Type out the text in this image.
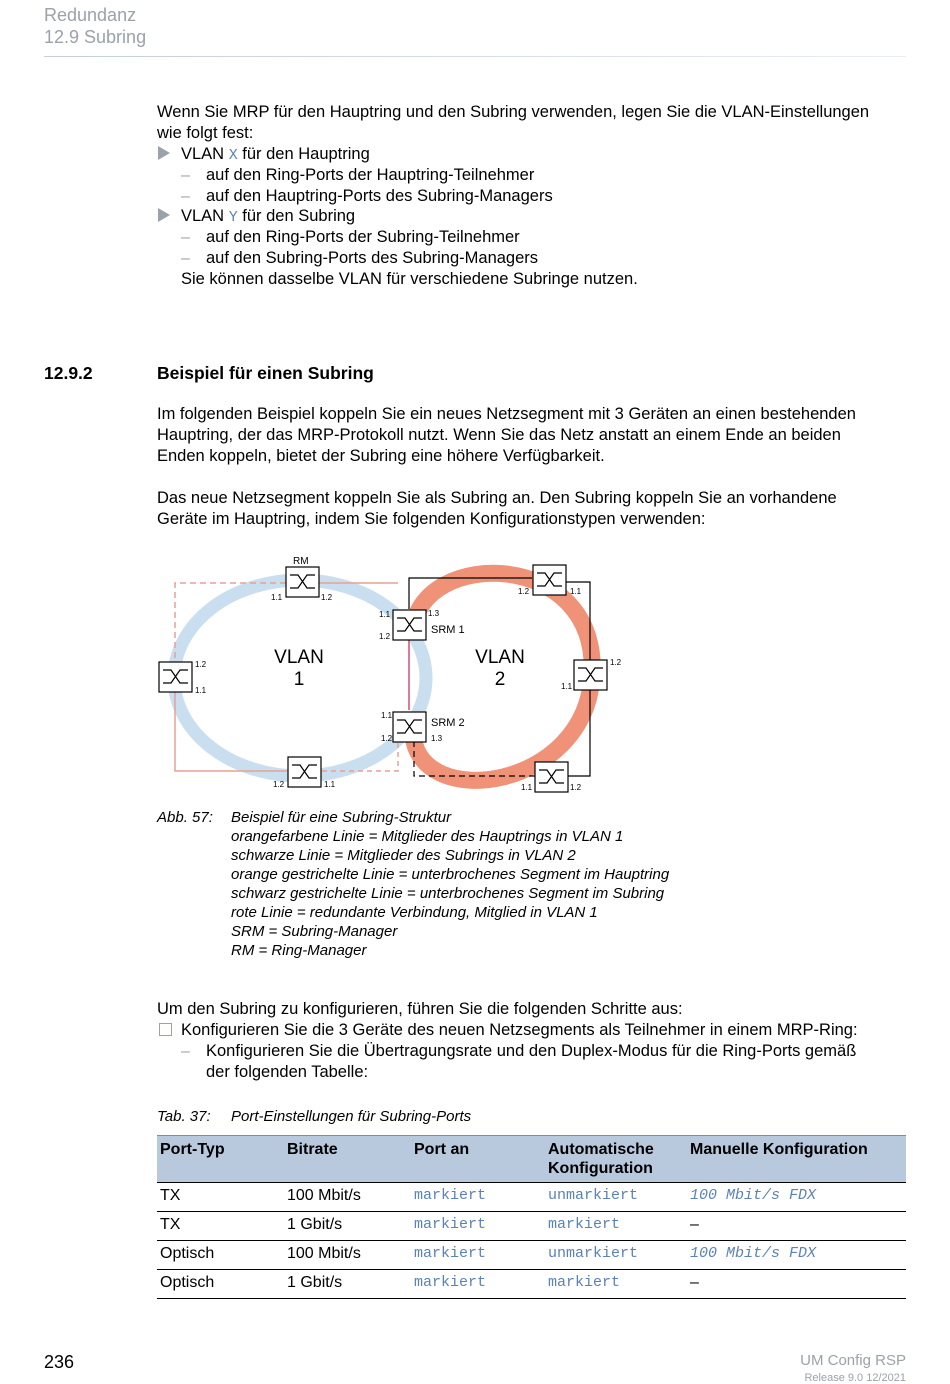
Redundanz
12.9 Subring
Wenn Sie MRP für den Hauptring und den Subring verwenden, legen Sie die VLAN-Einstellungen
wie folgt fest:
VLAN X für den Hauptring
– auf den Ring-Ports der Hauptring-Teilnehmer
– auf den Hauptring-Ports des Subring-Managers
VLAN Y für den Subring
– auf den Ring-Ports der Subring-Teilnehmer
– auf den Subring-Ports des Subring-Managers
Sie können dasselbe VLAN für verschiedene Subringe nutzen.
12.9.2	Beispiel für einen Subring
Im folgenden Beispiel koppeln Sie ein neues Netzsegment mit 3 Geräten an einen bestehenden
Hauptring, der das MRP-Protokoll nutzt. Wenn Sie das Netz anstatt an einem Ende an beiden
Enden koppeln, bietet der Subring eine höhere Verfügbarkeit.
Das neue Netzsegment koppeln Sie als Subring an. Den Subring koppeln Sie an vorhandene
Geräte im Hauptring, indem Sie folgenden Konfigurationstypen verwenden:
RM
SRM 1
SRM 2
VLAN
1
VLAN
2
1.1	1.2
1.1	1.3
1.2
1.1
1.2	1.3
1.2
1.1
1.2	1.1
1.2	1.1
1.2
1.1
1.1	1.2
Abb. 57: Beispiel für eine Subring-Struktur
orangefarbene Linie = Mitglieder des Hauptrings in VLAN 1
schwarze Linie = Mitglieder des Subrings in VLAN 2
orange gestrichelte Linie = unterbrochenes Segment im Hauptring
schwarz gestrichelte Linie = unterbrochenes Segment im Subring
rote Linie = redundante Verbindung, Mitglied in VLAN 1
SRM = Subring-Manager
RM = Ring-Manager
Um den Subring zu konfigurieren, führen Sie die folgenden Schritte aus:
Konfigurieren Sie die 3 Geräte des neuen Netzsegments als Teilnehmer in einem MRP-Ring:
– Konfigurieren Sie die Übertragungsrate und den Duplex-Modus für die Ring-Ports gemäß
der folgenden Tabelle:
Tab. 37: Port-Einstellungen für Subring-Ports
Port-Typ	Bitrate	Port an	Automatische Konfiguration	Manuelle Konfiguration
TX	100 Mbit/s	markiert	unmarkiert	100 Mbit/s FDX
TX	1 Gbit/s	markiert	markiert	–
Optisch	100 Mbit/s	markiert	unmarkiert	100 Mbit/s FDX
Optisch	1 Gbit/s	markiert	markiert	–
236	UM Config RSP
Release 9.0 12/2021
